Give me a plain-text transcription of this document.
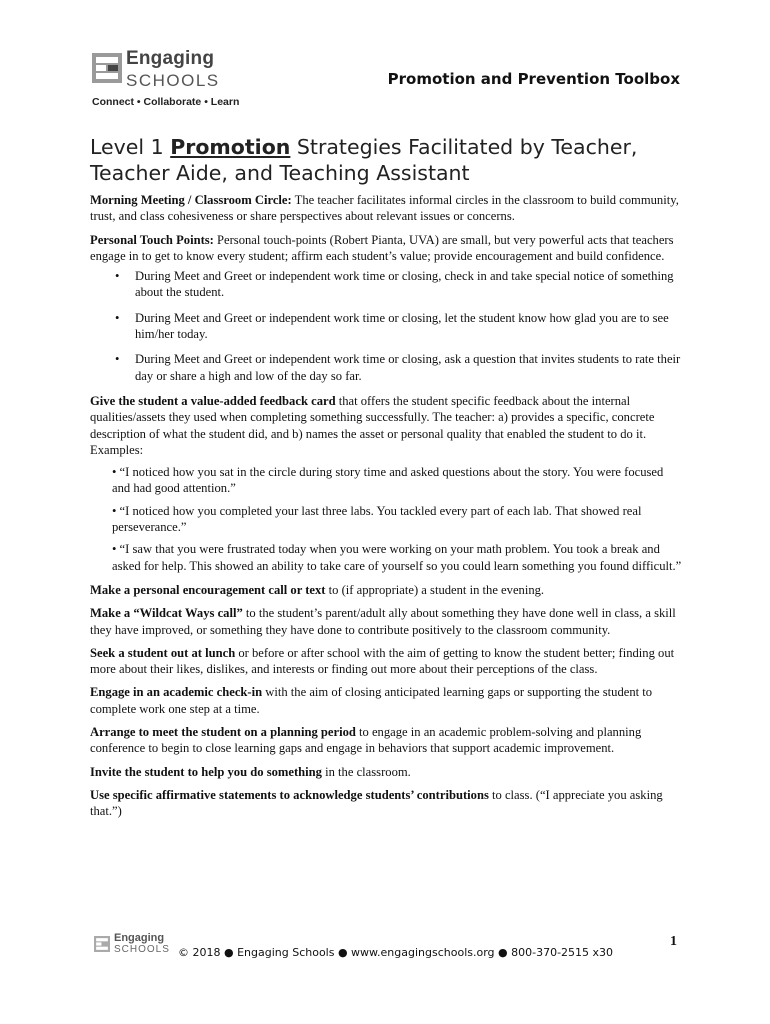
Engaging
SCHOOLS
Connect • Collaborate • Learn
Promotion and Prevention Toolbox
Level 1 Promotion Strategies Facilitated by Teacher, Teacher Aide, and Teaching Assistant

Morning Meeting / Classroom Circle: The teacher facilitates informal circles in the classroom to build community, trust, and class cohesiveness or share perspectives about relevant issues or concerns.

Personal Touch Points: Personal touch-points (Robert Pianta, UVA) are small, but very powerful acts that teachers engage in to get to know every student; affirm each student’s value; provide encouragement and build confidence.

• During Meet and Greet or independent work time or closing, check in and take special notice of something about the student.
• During Meet and Greet or independent work time or closing, let the student know how glad you are to see him/her today.
• During Meet and Greet or independent work time or closing, ask a question that invites students to rate their day or share a high and low of the day so far.

Give the student a value-added feedback card that offers the student specific feedback about the internal qualities/assets they used when completing something successfully. The teacher: a) provides a specific, concrete description of what the student did, and b) names the asset or personal quality that enabled the student to do it. Examples:

• “I noticed how you sat in the circle during story time and asked questions about the story. You were focused and had good attention.”
• “I noticed how you completed your last three labs. You tackled every part of each lab. That showed real perseverance.”
• “I saw that you were frustrated today when you were working on your math problem. You took a break and asked for help. This showed an ability to take care of yourself so you could learn something you found difficult.”

Make a personal encouragement call or text to (if appropriate) a student in the evening.

Make a “Wildcat Ways call” to the student’s parent/adult ally about something they have done well in class, a skill they have improved, or something they have done to contribute positively to the classroom community.

Seek a student out at lunch or before or after school with the aim of getting to know the student better; finding out more about their likes, dislikes, and interests or finding out more about their perceptions of the class.

Engage in an academic check-in with the aim of closing anticipated learning gaps or supporting the student to complete work one step at a time.

Arrange to meet the student on a planning period to engage in an academic problem-solving and planning conference to begin to close learning gaps and engage in behaviors that support academic improvement.

Invite the student to help you do something in the classroom.

Use specific affirmative statements to acknowledge students’ contributions to class. (“I appreciate you asking that.”)

Engaging
SCHOOLS © 2018 ● Engaging Schools ● www.engagingschools.org ● 800-370-2515 x30
1
